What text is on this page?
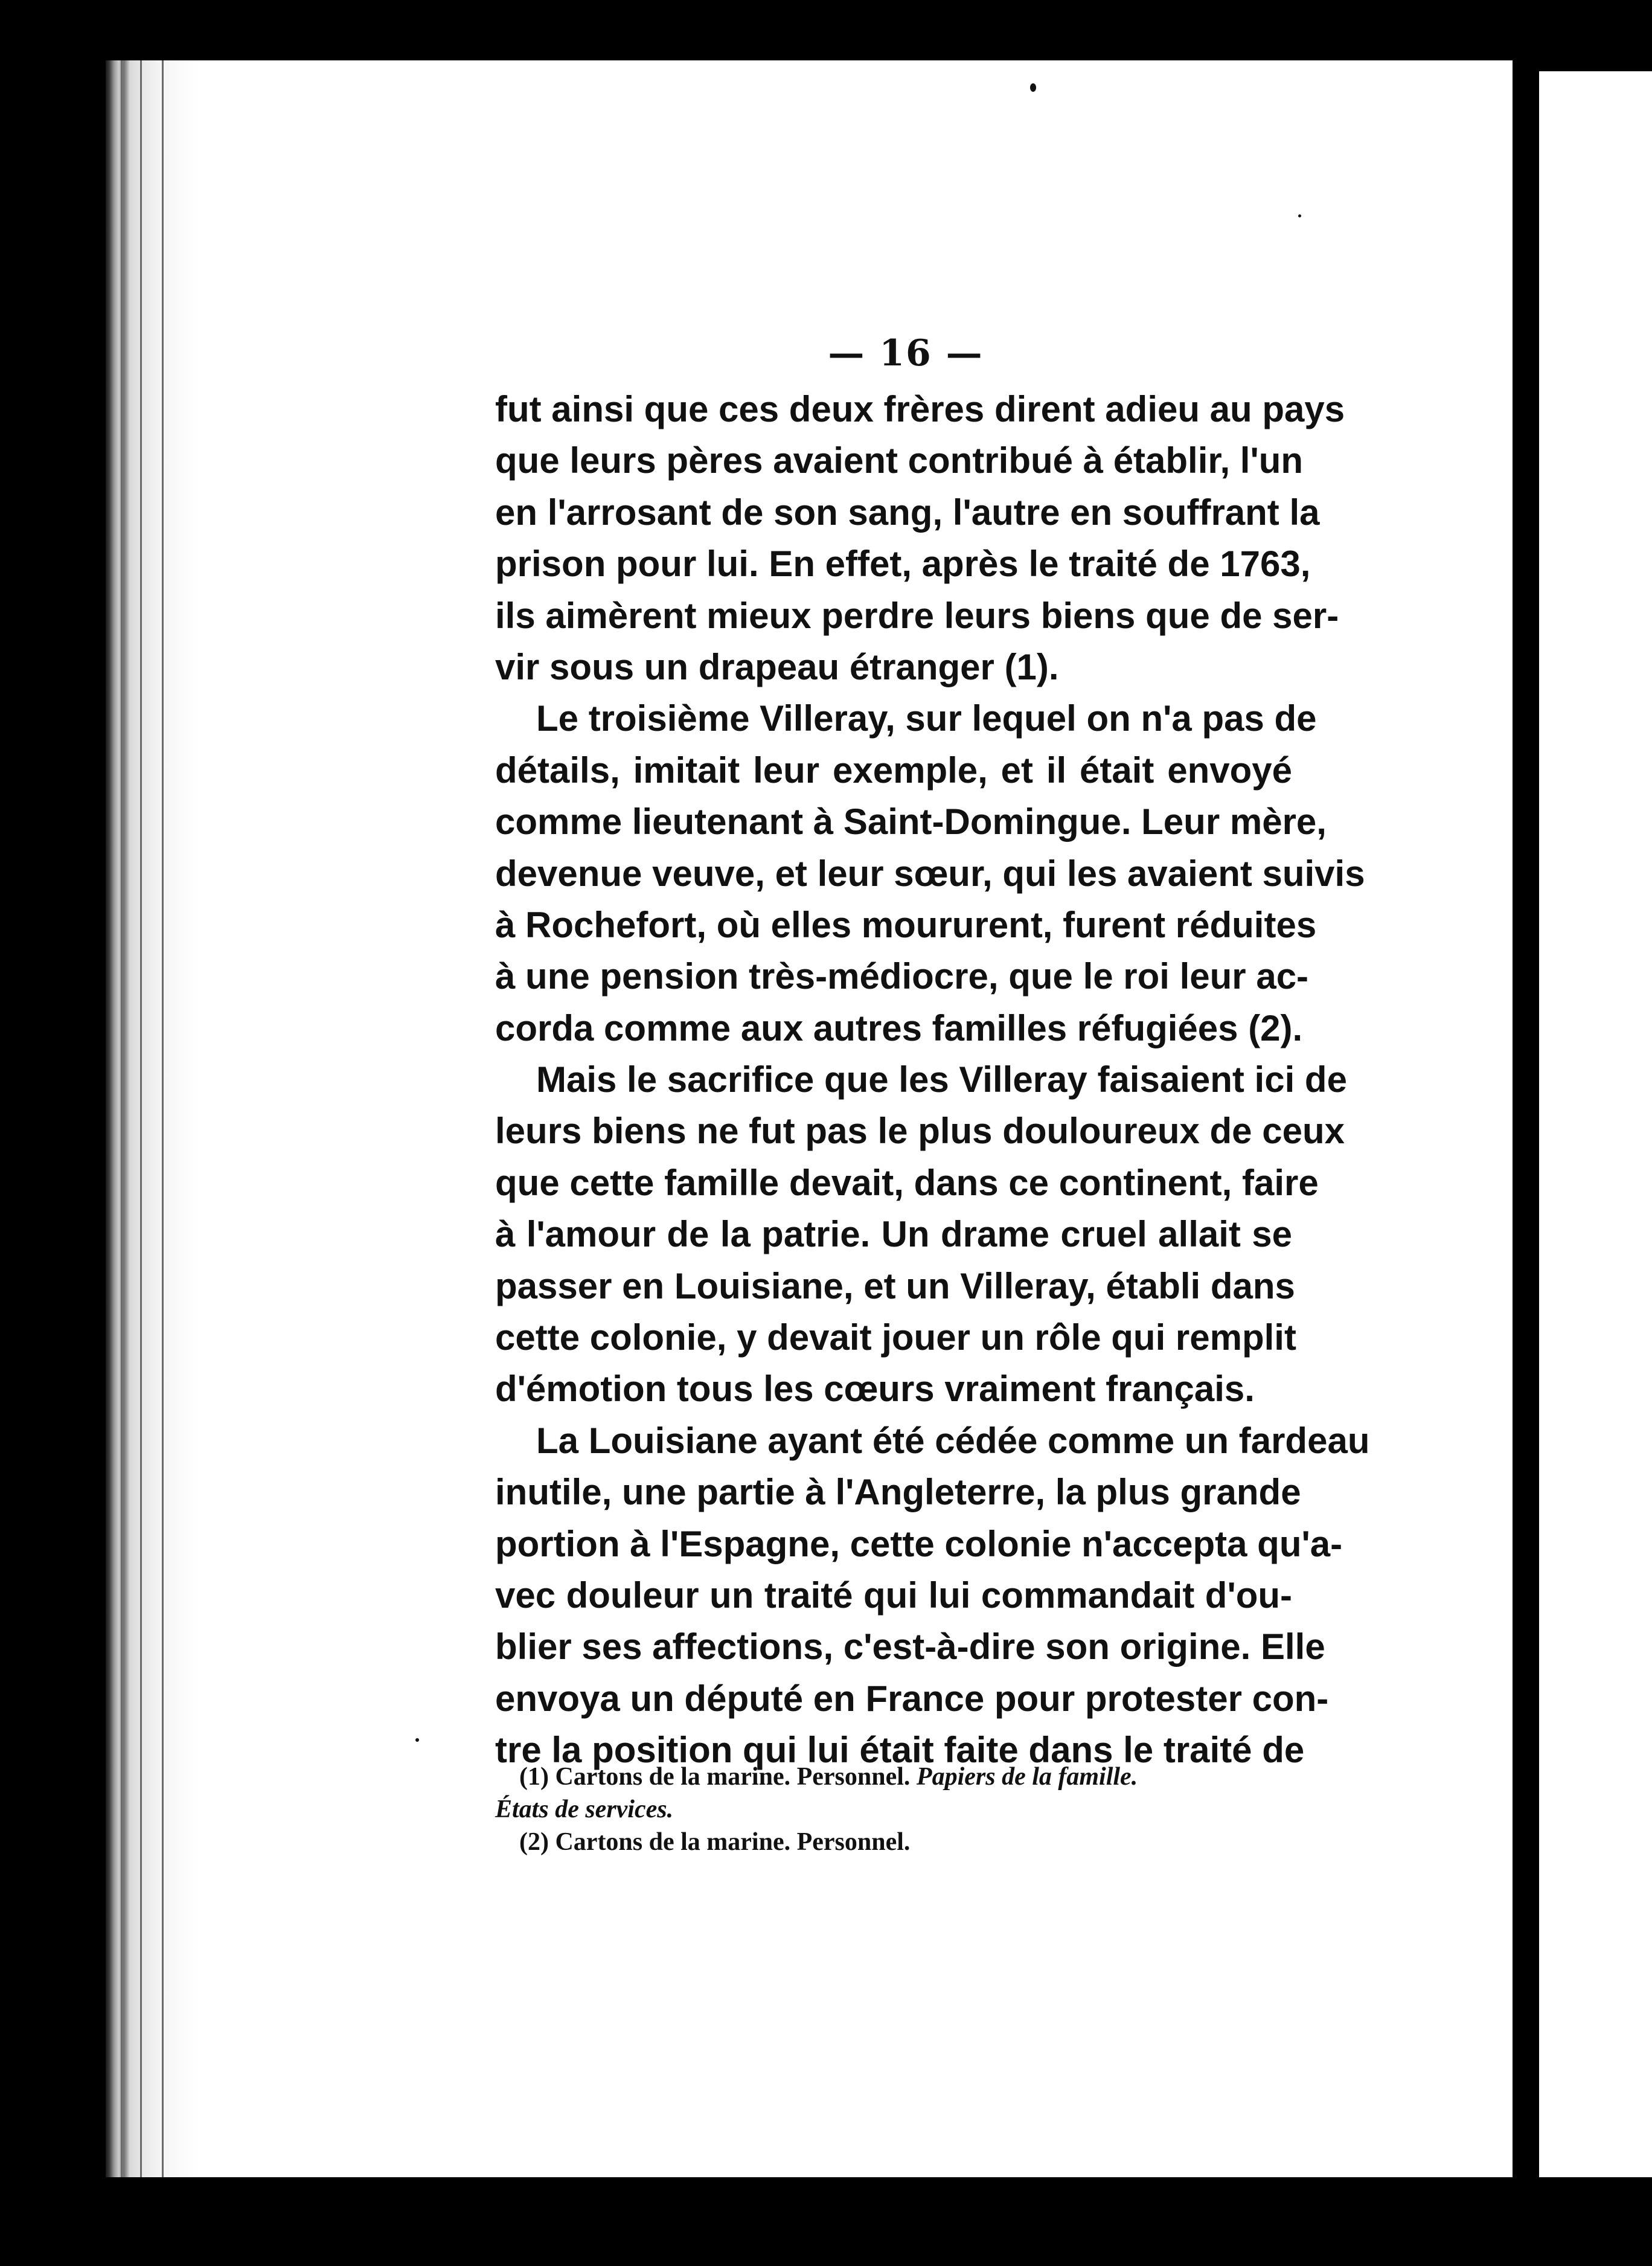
— 16 —
fut ainsi que ces deux frères dirent adieu au pays
que leurs pères avaient contribué à établir, l'un
en l'arrosant de son sang, l'autre en souffrant la
prison pour lui. En effet, après le traité de 1763,
ils aimèrent mieux perdre leurs biens que de ser-
vir sous un drapeau étranger (1).
Le troisième Villeray, sur lequel on n'a pas de
détails, imitait leur exemple, et il était envoyé
comme lieutenant à Saint-Domingue. Leur mère,
devenue veuve, et leur sœur, qui les avaient suivis
à Rochefort, où elles moururent, furent réduites
à une pension très-médiocre, que le roi leur ac-
corda comme aux autres familles réfugiées (2).
Mais le sacrifice que les Villeray faisaient ici de
leurs biens ne fut pas le plus douloureux de ceux
que cette famille devait, dans ce continent, faire
à l'amour de la patrie. Un drame cruel allait se
passer en Louisiane, et un Villeray, établi dans
cette colonie, y devait jouer un rôle qui remplit
d'émotion tous les cœurs vraiment français.
La Louisiane ayant été cédée comme un fardeau
inutile, une partie à l'Angleterre, la plus grande
portion à l'Espagne, cette colonie n'accepta qu'a-
vec douleur un traité qui lui commandait d'ou-
blier ses affections, c'est-à-dire son origine. Elle
envoya un député en France pour protester con-
tre la position qui lui était faite dans le traité de
(1) Cartons de la marine. Personnel. Papiers de la famille.
États de services.
(2) Cartons de la marine. Personnel.
